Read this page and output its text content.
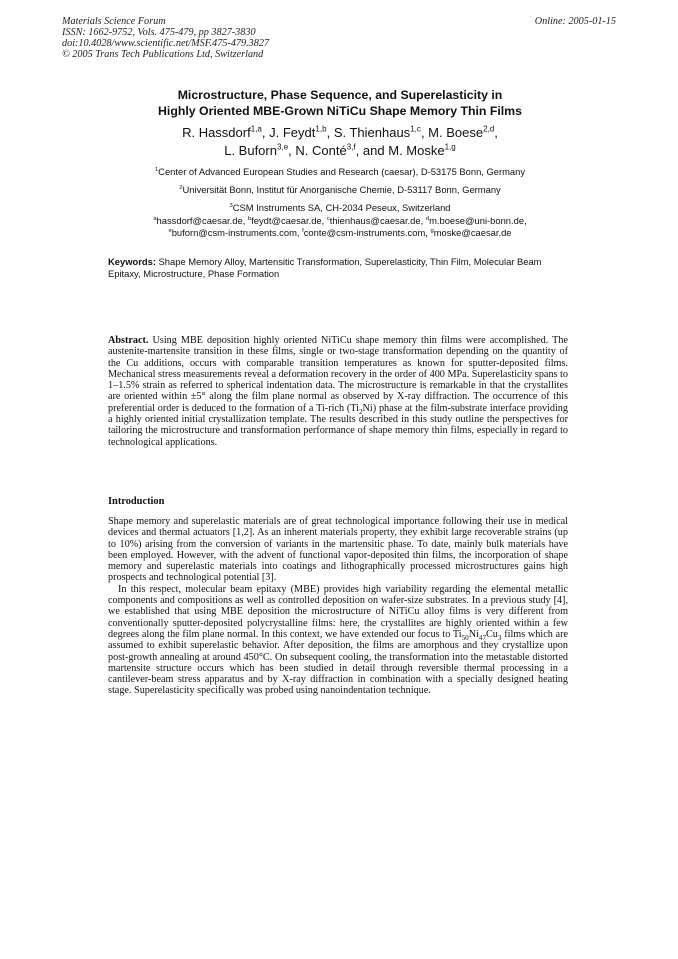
Materials Science Forum
ISSN: 1662-9752, Vols. 475-479, pp 3827-3830
doi:10.4028/www.scientific.net/MSF.475-479.3827
© 2005 Trans Tech Publications Ltd, Switzerland
Online: 2005-01-15
Microstructure, Phase Sequence, and Superelasticity in
Highly Oriented MBE-Grown NiTiCu Shape Memory Thin Films
R. Hassdorf$^{1,a}$, J. Feydt$^{1,b}$, S. Thienhaus$^{1,c}$, M. Boese$^{2,d}$,
L. Buforn$^{3,e}$, N. Conté$^{3,f}$, and M. Moske$^{1,g}$
$^1$Center of Advanced European Studies and Research (caesar), D-53175 Bonn, Germany
$^2$Universität Bonn, Institut für Anorganische Chemie, D-53117 Bonn, Germany
$^3$CSM Instruments SA, CH-2034 Peseux, Switzerland
$^a$hassdorf@caesar.de, $^b$feydt@caesar.de, $^c$thienhaus@caesar.de, $^d$m.boese@uni-bonn.de,
$^e$buforn@csm-instruments.com, $^f$conte@csm-instruments.com, $^g$moske@caesar.de
Keywords: Shape Memory Alloy, Martensitic Transformation, Superelasticity, Thin Film, Molecular Beam Epitaxy, Microstructure, Phase Formation
Abstract. Using MBE deposition highly oriented NiTiCu shape memory thin films were accomplished. The austenite-martensite transition in these films, single or two-stage transformation depending on the quantity of the Cu additions, occurs with comparable transition temperatures as known for sputter-deposited films. Mechanical stress measurements reveal a deformation recovery in the order of 400 MPa. Superelasticity spans to 1–1.5% strain as referred to spherical indentation data. The microstructure is remarkable in that the crystallites are oriented within ±5° along the film plane normal as observed by X-ray diffraction. The occurrence of this preferential order is deduced to the formation of a Ti-rich $(Ti_2Ni)$ phase at the film-substrate interface providing a highly oriented initial crystallization template. The results described in this study outline the perspectives for tailoring the microstructure and transformation performance of shape memory thin films, especially in regard to technological applications.
Introduction

Shape memory and superelastic materials are of great technological importance following their use in medical devices and thermal actuators [1,2]. As an inherent materials property, they exhibit large recoverable strains (up to 10%) arising from the conversion of variants in the martensitic phase. To date, mainly bulk materials have been employed. However, with the advent of functional vapor-deposited thin films, the incorporation of shape memory and superelastic materials into coatings and lithographically processed microstructures gains high prospects and technological potential [3].

In this respect, molecular beam epitaxy (MBE) provides high variability regarding the elemental metallic components and compositions as well as controlled deposition on wafer-size substrates. In a previous study [4], we established that using MBE deposition the microstructure of NiTiCu alloy films is very different from conventionally sputter-deposited polycrystalline films: here, the crystallites are highly oriented within a few degrees along the film plane normal. In this context, we have extended our focus to $Ti_{50}Ni_{47}Cu_3$ films which are assumed to exhibit superelastic behavior. After deposition, the films are amorphous and they crystallize upon post-growth annealing at around 450°C. On subsequent cooling, the transformation into the metastable distorted martensite structure occurs which has been studied in detail through reversible thermal processing in a cantilever-beam stress apparatus and by X-ray diffraction in combination with a specially designed heating stage. Superelasticity specifically was probed using nanoindentation technique.
